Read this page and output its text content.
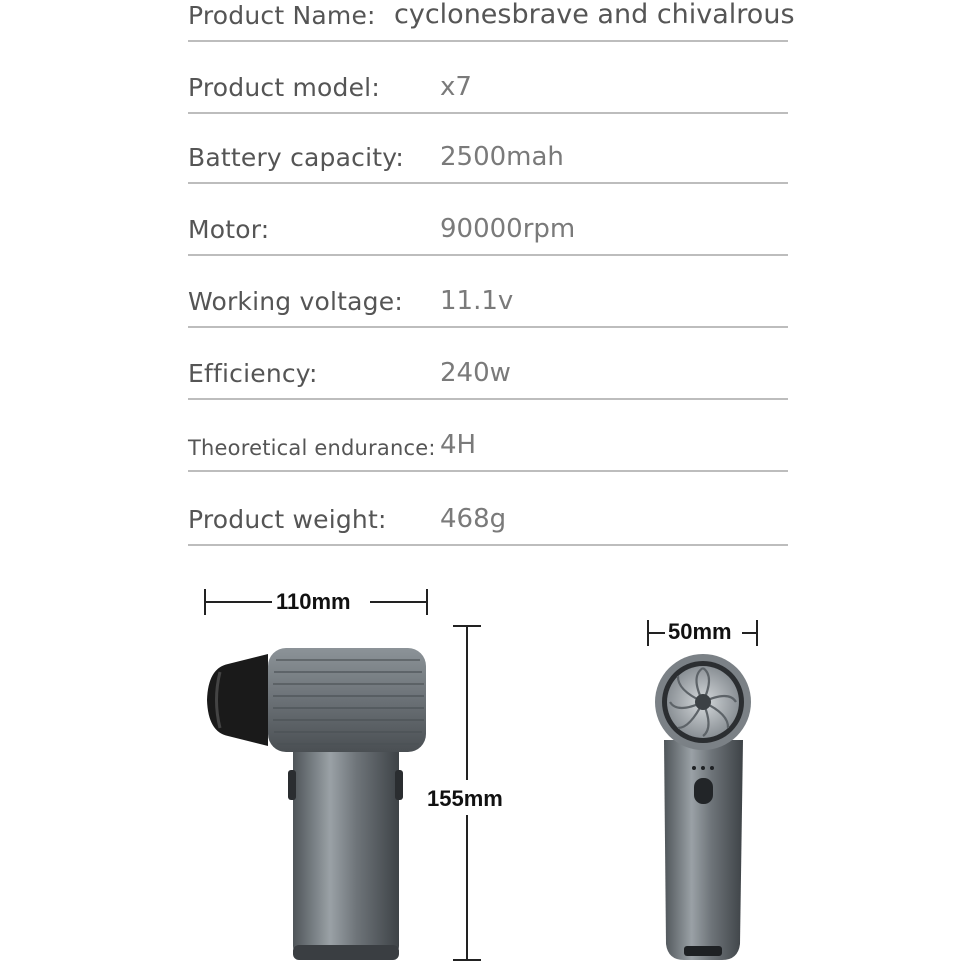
Product Name: cyclonesbrave and chivalrous
Product model: x7
Battery capacity: 2500mah
Motor:	90000rpm
Working voltage: 11.1v
Efficiency:	240w
Theoretical endurance: 4H
Product weight: 468g
110mm
155mm
50mm
